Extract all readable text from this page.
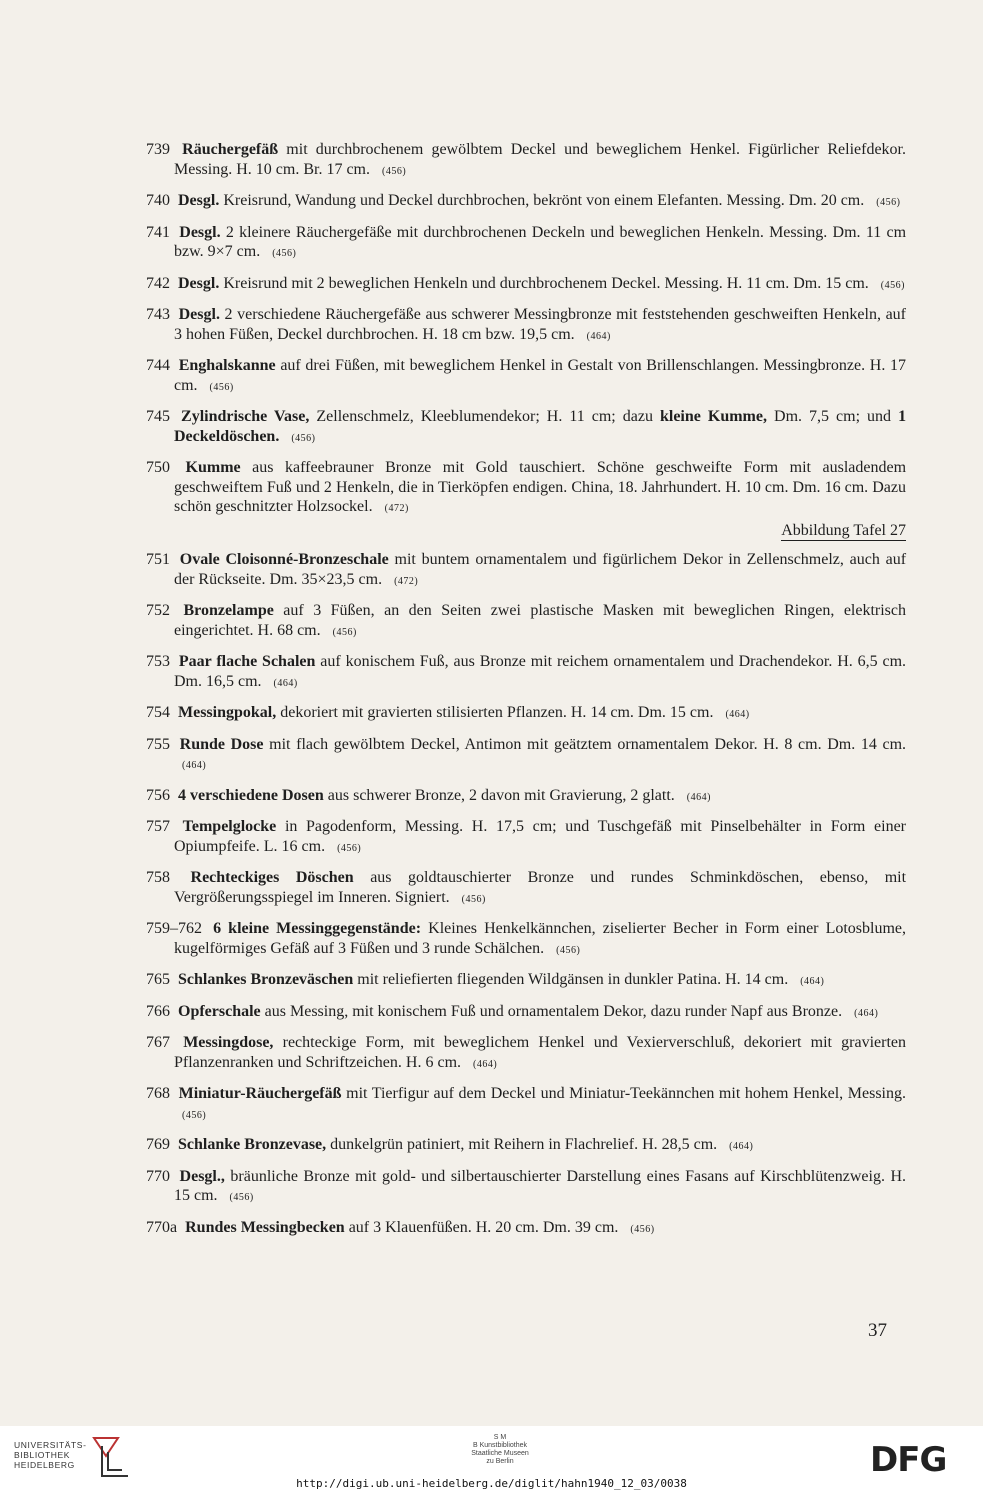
739 Räuchergefäß mit durchbrochenem gewölbtem Deckel und beweglichem Henkel. Figürlicher Reliefdekor. Messing. H. 10 cm. Br. 17 cm. (456)

740 Desgl. Kreisrund, Wandung und Deckel durchbrochen, bekrönt von einem Elefanten. Messing. Dm. 20 cm. (456)

741 Desgl. 2 kleinere Räuchergefäße mit durchbrochenen Deckeln und beweglichen Henkeln. Messing. Dm. 11 cm bzw. 9×7 cm. (456)

742 Desgl. Kreisrund mit 2 beweglichen Henkeln und durchbrochenem Deckel. Messing. H. 11 cm. Dm. 15 cm. (456)

743 Desgl. 2 verschiedene Räuchergefäße aus schwerer Messingbronze mit feststehenden geschweiften Henkeln, auf 3 hohen Füßen, Deckel durchbrochen. H. 18 cm bzw. 19,5 cm. (464)

744 Enghalskanne auf drei Füßen, mit beweglichem Henkel in Gestalt von Brillenschlangen. Messingbronze. H. 17 cm. (456)

745 Zylindrische Vase, Zellenschmelz, Kleeblumendekor; H. 11 cm; dazu kleine Kumme, Dm. 7,5 cm; und 1 Deckeldöschen. (456)

750 Kumme aus kaffeebrauner Bronze mit Gold tauschiert. Schöne geschweifte Form mit ausladendem geschweiftem Fuß und 2 Henkeln, die in Tierköpfen endigen. China, 18. Jahrhundert. H. 10 cm. Dm. 16 cm. Dazu schön geschnitzter Holzsockel. (472)
Abbildung Tafel 27

751 Ovale Cloisonné-Bronzeschale mit buntem ornamentalem und figürlichem Dekor in Zellenschmelz, auch auf der Rückseite. Dm. 35×23,5 cm. (472)

752 Bronzelampe auf 3 Füßen, an den Seiten zwei plastische Masken mit beweglichen Ringen, elektrisch eingerichtet. H. 68 cm. (456)

753 Paar flache Schalen auf konischem Fuß, aus Bronze mit reichem ornamentalem und Drachendekor. H. 6,5 cm. Dm. 16,5 cm. (464)

754 Messingpokal, dekoriert mit gravierten stilisierten Pflanzen. H. 14 cm. Dm. 15 cm. (464)

755 Runde Dose mit flach gewölbtem Deckel, Antimon mit geätztem ornamentalem Dekor. H. 8 cm. Dm. 14 cm. (464)

756 4 verschiedene Dosen aus schwerer Bronze, 2 davon mit Gravierung, 2 glatt. (464)

757 Tempelglocke in Pagodenform, Messing. H. 17,5 cm; und Tuschgefäß mit Pinselbehälter in Form einer Opiumpfeife. L. 16 cm. (456)

758 Rechteckiges Döschen aus goldtauschierter Bronze und rundes Schminkdöschen, ebenso, mit Vergrößerungsspiegel im Inneren. Signiert. (456)

759–762 6 kleine Messinggegenstände: Kleines Henkelkännchen, ziselierter Becher in Form einer Lotosblume, kugelförmiges Gefäß auf 3 Füßen und 3 runde Schälchen. (456)

765 Schlankes Bronzeväschen mit reliefierten fliegenden Wildgänsen in dunkler Patina. H. 14 cm. (464)

766 Opferschale aus Messing, mit konischem Fuß und ornamentalem Dekor, dazu runder Napf aus Bronze. (464)

767 Messingdose, rechteckige Form, mit beweglichem Henkel und Vexierverschluß, dekoriert mit gravierten Pflanzenranken und Schriftzeichen. H. 6 cm. (464)

768 Miniatur-Räuchergefäß mit Tierfigur auf dem Deckel und Miniatur-Teekännchen mit hohem Henkel, Messing. (456)

769 Schlanke Bronzevase, dunkelgrün patiniert, mit Reihern in Flachrelief. H. 28,5 cm. (464)

770 Desgl., bräunliche Bronze mit gold- und silbertauschierter Darstellung eines Fasans auf Kirschblütenzweig. H. 15 cm. (456)

770a Rundes Messingbecken auf 3 Klauenfüßen. H. 20 cm. Dm. 39 cm. (456)

37
UNIVERSITÄTS-
BIBLIOTHEK
HEIDELBERG
S M
B Kunstbibliothek
Staatliche Museen
zu Berlin	DFG
http://digi.ub.uni-heidelberg.de/diglit/hahn1940_12_03/0038
